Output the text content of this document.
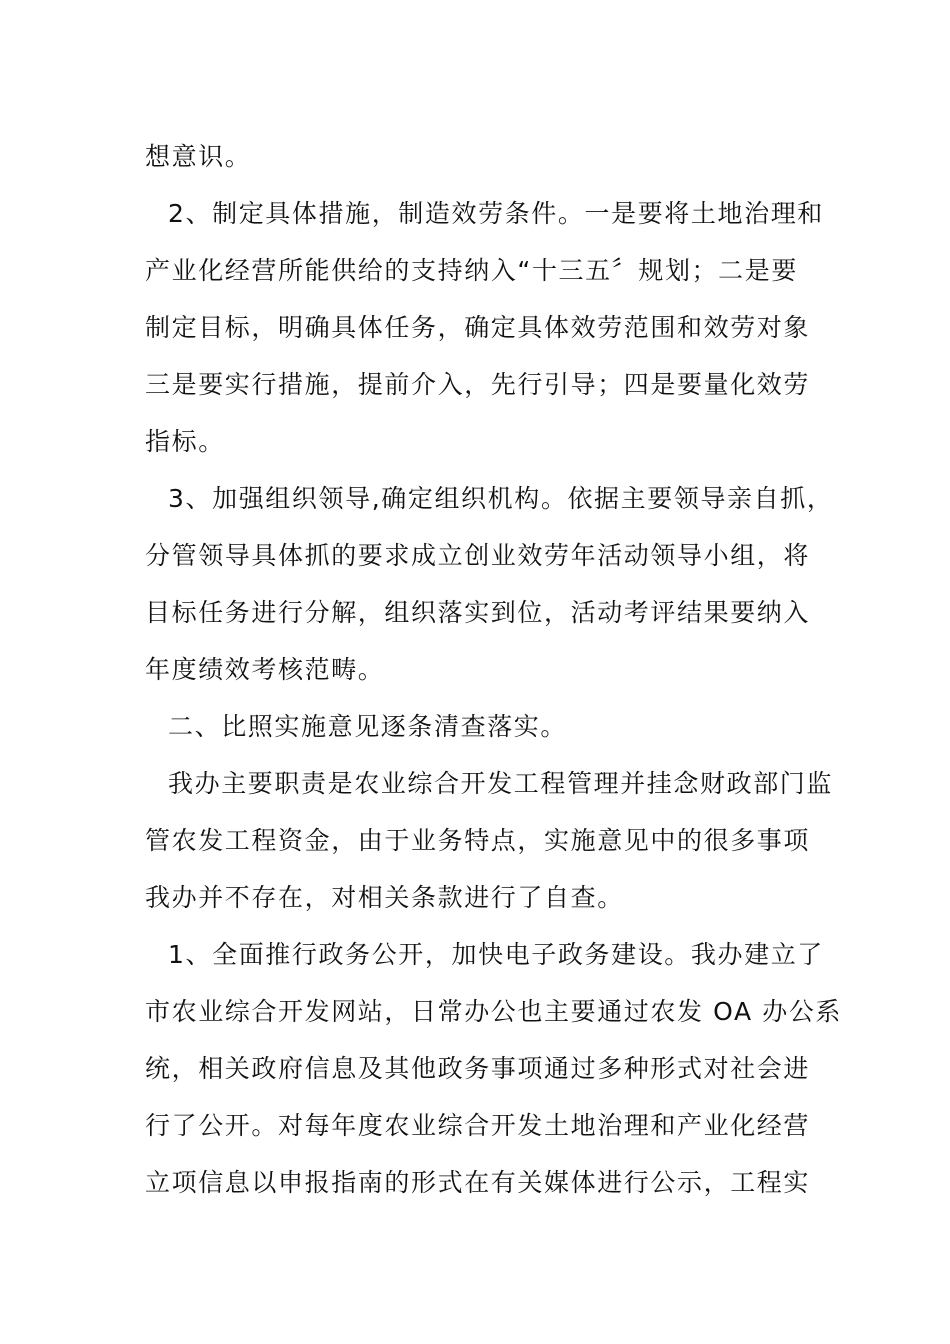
想意识。
2、制定具体措施，制造效劳条件。一是要将土地治理和
产业化经营所能供给的支持纳入“十三五〞规划；二是要
制定目标，明确具体任务，确定具体效劳范围和效劳对象
三是要实行措施，提前介入，先行引导；四是要量化效劳
指标。
3、加强组织领导,确定组织机构。依据主要领导亲自抓，
分管领导具体抓的要求成立创业效劳年活动领导小组，将
目标任务进行分解，组织落实到位，活动考评结果要纳入
年度绩效考核范畴。
二、比照实施意见逐条清查落实。
我办主要职责是农业综合开发工程管理并挂念财政部门监
管农发工程资金，由于业务特点，实施意见中的很多事项
我办并不存在，对相关条款进行了自查。
1、全面推行政务公开，加快电子政务建设。我办建立了
市农业综合开发网站，日常办公也主要通过农发 OA 办公系
统，相关政府信息及其他政务事项通过多种形式对社会进
行了公开。对每年度农业综合开发土地治理和产业化经营
立项信息以申报指南的形式在有关媒体进行公示，工程实
